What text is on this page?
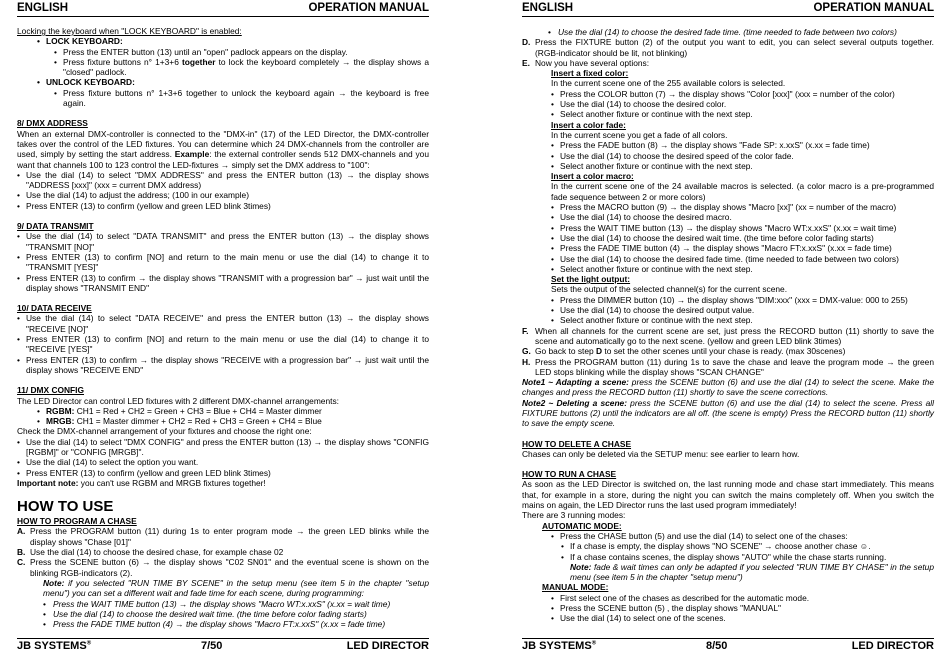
ENGLISH	OPERATION MANUAL

Locking the keyboard when "LOCK KEYBOARD" is enabled:

• LOCK KEYBOARD:

• Press the ENTER button (13) until an "open" padlock appears on the display.

• Press fixture buttons n° 1+3+6 together to lock the keyboard completely → the display shows a "closed" padlock.

• UNLOCK KEYBOARD:

• Press fixture buttons n° 1+3+6 together to unlock the keyboard again → the keyboard is free again.

8/ DMX ADDRESS

When an external DMX-controller is connected to the "DMX-in" (17) of the LED Director, the DMX-controller takes over the control of the LED fixtures. You can determine which 24 DMX-channels from the controller are used, simply by setting the start address. Example: the external controller sends 512 DMX-channels and you want that channels 100 to 123 control the LED-fixtures → simply set the DMX address to "100":

• Use the dial (14) to select "DMX ADDRESS" and press the ENTER button (13) → the display shows "ADDRESS [xxx]" (xxx = current DMX address)

• Use the dial (14) to adjust the address; (100 in our example)

• Press ENTER (13) to confirm (yellow and green LED blink 3times)

9/ DATA TRANSMIT

• Use the dial (14) to select "DATA TRANSMIT" and press the ENTER button (13) → the display shows "TRANSMIT [NO]"

• Press ENTER (13) to confirm [NO] and return to the main menu or use the dial (14) to change it to "TRANSMIT [YES]"

• Press ENTER (13) to confirm → the display shows "TRANSMIT with a progression bar" → just wait until the display shows "TRANSMIT END"

10/ DATA RECEIVE

• Use the dial (14) to select "DATA RECEIVE" and press the ENTER button (13) → the display shows "RECEIVE [NO]"

• Press ENTER (13) to confirm [NO] and return to the main menu or use the dial (14) to change it to "RECEIVE [YES]"

• Press ENTER (13) to confirm → the display shows "RECEIVE with a progression bar" → just wait until the display shows "RECEIVE END"

11/ DMX CONFIG

The LED Director can control LED fixtures with 2 different DMX-channel arrangements:

• RGBM: CH1 = Red + CH2 = Green + CH3 = Blue + CH4 = Master dimmer

• MRGB: CH1 = Master dimmer + CH2 = Red + CH3 = Green + CH4 = Blue

Check the DMX-channel arrangement of your fixtures and choose the right one:

• Use the dial (14) to select "DMX CONFIG" and press the ENTER button (13) → the display shows "CONFIG [RGBM]" or "CONFIG [MRGB]".

• Use the dial (14) to select the option you want.

• Press ENTER (13) to confirm (yellow and green LED blink 3times)

Important note: you can't use RGBM and MRGB fixtures together!

HOW TO USE

HOW TO PROGRAM A CHASE

A. Press the PROGRAM button (11) during 1s to enter program mode → the green LED blinks while the display shows "Chase [01]"

B. Use the dial (14) to choose the desired chase, for example chase 02

C. Press the SCENE button (6) → the display shows "C02 SN01" and the eventual scene is shown on the blinking RGB-indicators (2).

Note: if you selected "RUN TIME BY SCENE" in the setup menu (see item 5 in the chapter "setup menu") you can set a different wait and fade time for each scene, during programming:

• Press the WAIT TIME button (13) → the display shows "Macro WT:x.xxS" (x.xx = wait time)

• Use the dial (14) to choose the desired wait time. (the time before color fading starts)

• Press the FADE TIME button (4) → the display shows "Macro FT:x.xxS" (x.xx = fade time)

JB SYSTEMS®	7/50	LED DIRECTOR
ENGLISH	OPERATION MANUAL

• Use the dial (14) to choose the desired fade time. (time needed to fade between two colors)

D. Press the FIXTURE button (2) of the output you want to edit, you can select several outputs together. (RGB-indicator should be lit, not blinking)

E. Now you have several options:

Insert a fixed color:

In the current scene one of the 255 available colors is selected.

• Press the COLOR button (7) → the display shows "Color [xxx]" (xxx = number of the color)

• Use the dial (14) to choose the desired color.

• Select another fixture or continue with the next step.

Insert a color fade:

In the current scene you get a fade of all colors.

• Press the FADE button (8) → the display shows "Fade SP: x.xxS" (x.xx = fade time)

• Use the dial (14) to choose the desired speed of the color fade.

• Select another fixture or continue with the next step.

Insert a color macro:

In the current scene one of the 24 available macros is selected. (a color macro is a pre-programmed fade sequence between 2 or more colors)

• Press the MACRO button (9) → the display shows "Macro [xx]" (xx = number of the macro)

• Use the dial (14) to choose the desired macro.

• Press the WAIT TIME button (13) → the display shows "Macro WT:x.xxS" (x.xx = wait time)

• Use the dial (14) to choose the desired wait time. (the time before color fading starts)

• Press the FADE TIME button (4) → the display shows "Macro FT:x.xxS" (x.xx = fade time)

• Use the dial (14) to choose the desired fade time. (time needed to fade between two colors)

• Select another fixture or continue with the next step.

Set the light output:

Sets the output of the selected channel(s) for the current scene.

• Press the DIMMER button (10) → the display shows "DIM:xxx" (xxx = DMX-value: 000 to 255)

• Use the dial (14) to choose the desired output value.

• Select another fixture or continue with the next step.

F. When all channels for the current scene are set, just press the RECORD button (11) shortly to save the scene and automatically go to the next scene. (yellow and green LED blink 3times)

G. Go back to step D to set the other scenes until your chase is ready. (max 30scenes)

H. Press the PROGRAM button (11) during 1s to save the chase and leave the program mode → the green LED stops blinking while the display shows "SCAN CHANGE"

Note1 ~ Adapting a scene: press the SCENE button (6) and use the dial (14) to select the scene. Make the changes and press the RECORD button (11) shortly to save the scene corrections.

Note2 ~ Deleting a scene: press the SCENE button (6) and use the dial (14) to select the scene. Press all FIXTURE buttons (2) until the indicators are all off. (the scene is empty) Press the RECORD button (11) shortly to save the empty scene.

HOW TO DELETE A CHASE

Chases can only be deleted via the SETUP menu: see earlier to learn how.

HOW TO RUN A CHASE

As soon as the LED Director is switched on, the last running mode and chase start immediately. This means that, for example in a store, during the night you can switch the mains completely off. When you switch the mains on again, the LED Director runs the last used program immediately!

There are 3 running modes:

AUTOMATIC MODE:

• Press the CHASE button (5) and use the dial (14) to select one of the chases:

• If a chase is empty, the display shows "NO SCENE" → choose another chase ☺.

• If a chase contains scenes, the display shows "AUTO" while the chase starts running.

Note: fade & wait times can only be adapted if you selected "RUN TIME BY CHASE" in the setup menu (see item 5 in the chapter "setup menu")

MANUAL MODE:

• First select one of the chases as described for the automatic mode.

• Press the SCENE button (5) , the display shows "MANUAL"

• Use the dial (14) to select one of the scenes.

JB SYSTEMS®	8/50	LED DIRECTOR
